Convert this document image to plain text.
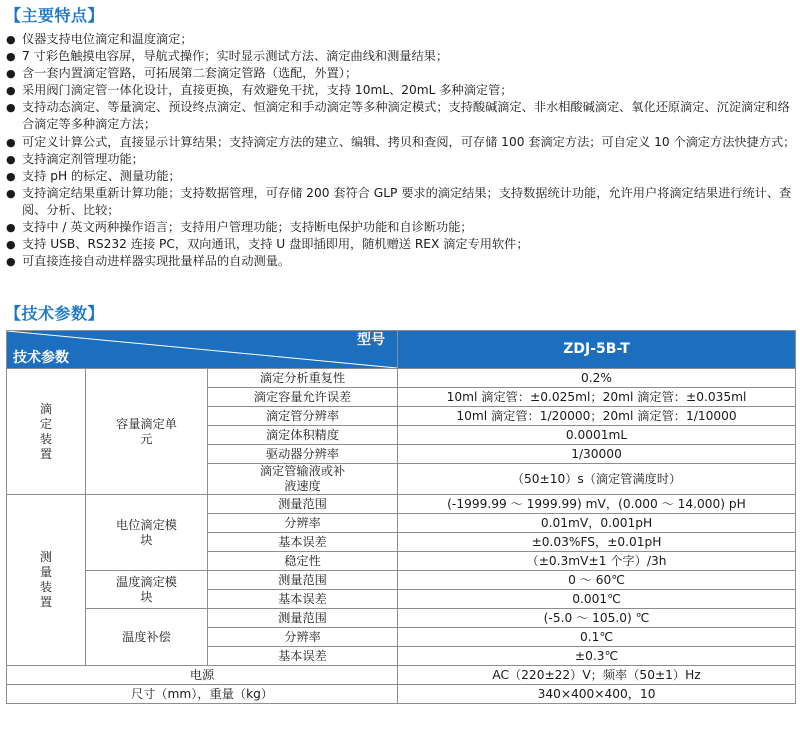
【主要特点】
● 仪器支持电位滴定和温度滴定；
● 7 寸彩色触摸电容屏，导航式操作；实时显示测试方法、滴定曲线和测量结果；
● 含一套内置滴定管路，可拓展第二套滴定管路（选配，外置）；
● 采用阀门滴定管一体化设计，直接更换，有效避免干扰，支持 10mL、20mL 多种滴定管；
● 支持动态滴定、等量滴定、预设终点滴定、恒滴定和手动滴定等多种滴定模式；支持酸碱滴定、非水相酸碱滴定、氧化还原滴定、沉淀滴定和络合滴定等多种滴定方法；
● 可定义计算公式，直接显示计算结果；支持滴定方法的建立、编辑、拷贝和查阅，可存储 100 套滴定方法；可自定义 10 个滴定方法快捷方式；
● 支持滴定剂管理功能；
● 支持 pH 的标定、测量功能；
● 支持滴定结果重新计算功能；支持数据管理，可存储 200 套符合 GLP 要求的滴定结果；支持数据统计功能，允许用户将滴定结果进行统计、查阅、分析、比较；
● 支持中 / 英文两种操作语言；支持用户管理功能；支持断电保护功能和自诊断功能；
● 支持 USB、RS232 连接 PC，双向通讯，支持 U 盘即插即用，随机赠送 REX 滴定专用软件；
● 可直接连接自动进样器实现批量样品的自动测量。
【技术参数】
型号
技术参数			ZDJ-5B-T
滴定装置	容量滴定单元	滴定分析重复性	0.2%
		滴定容量允许误差	10ml 滴定管：±0.025ml；20ml 滴定管：±0.035ml
		滴定管分辨率	10ml 滴定管：1/20000；20ml 滴定管：1/10000
		滴定体积精度	0.0001mL
		驱动器分辨率	1/30000
		滴定管输液或补液速度	（50±10）s（滴定管满度时）
测量装置	电位滴定模块	测量范围	(-1999.99 ～ 1999.99) mV，(0.000 ～ 14.000) pH
		分辨率	0.01mV，0.001pH
		基本误差	±0.03%FS，±0.01pH
		稳定性	（±0.3mV±1 个字）/3h
	温度滴定模块	测量范围	0 ～ 60℃
		基本误差	0.001℃
	温度补偿	测量范围	(-5.0 ～ 105.0) ℃
		分辨率	0.1℃
		基本误差	±0.3℃
电源			AC（220±22）V；频率（50±1）Hz
尺寸（mm），重量（kg）			340×400×400，10
